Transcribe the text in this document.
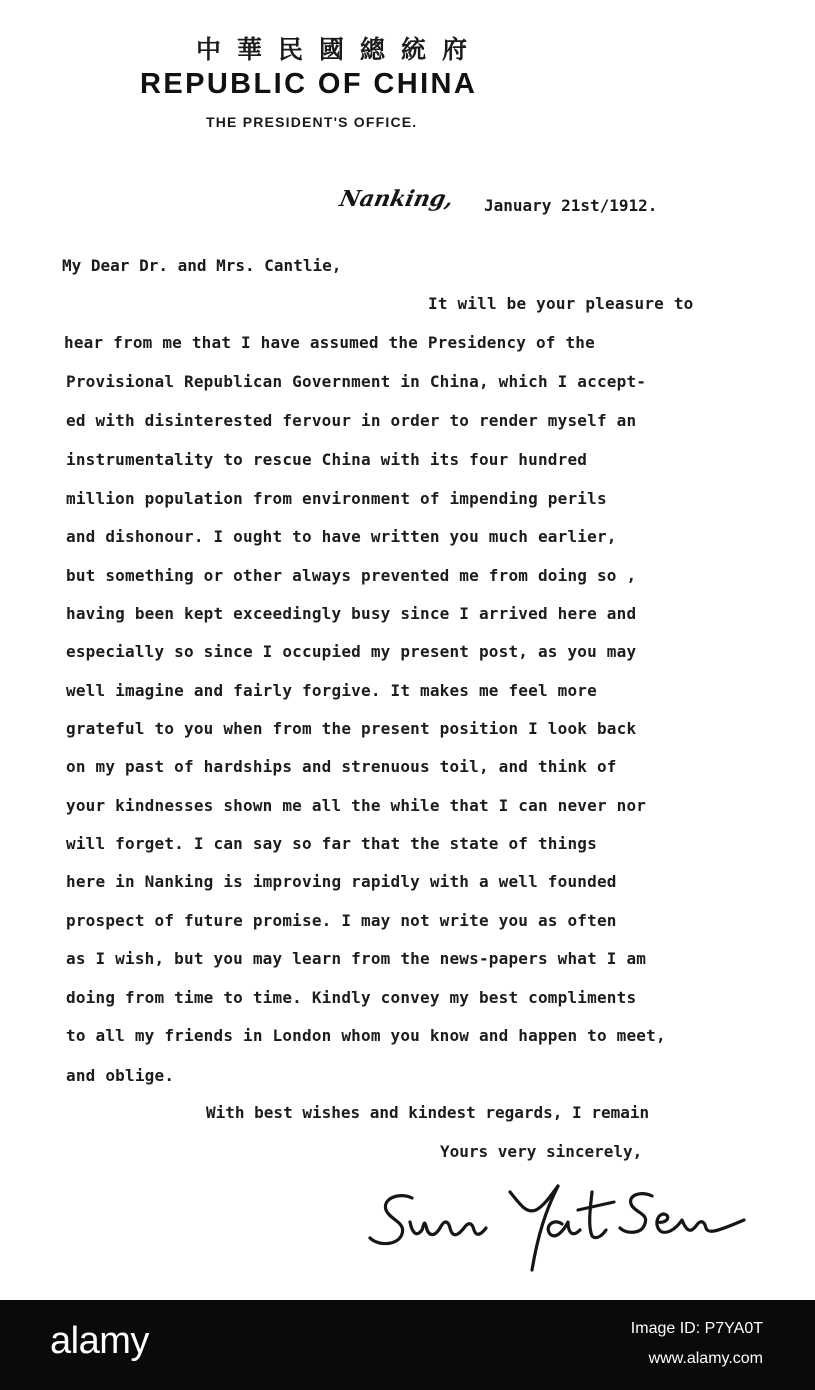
中華民國總統府
REPUBLIC OF CHINA
THE PRESIDENT'S OFFICE.
Nanking, January 21st/1912.
My Dear Dr. and Mrs. Cantlie,
It will be your pleasure to
hear from me that I have assumed the Presidency of the
Provisional Republican Government in China, which I accept-
ed with disinterested fervour in order to render myself an
instrumentality to rescue China with its four hundred
million population from environment of impending perils
and dishonour. I ought to have written you much earlier,
but something or other always prevented me from doing so ,
having been kept exceedingly busy since I arrived here and
especially so since I occupied my present post, as you may
well imagine and fairly forgive. It makes me feel more
grateful to you when from the present position I look back
on my past of hardships and strenuous toil, and think of
your kindnesses shown me all the while that I can never nor
will forget. I can say so far that the state of things
here in Nanking is improving rapidly with a well founded
prospect of future promise. I may not write you as often
as I wish, but you may learn from the news-papers what I am
doing from time to time. Kindly convey my best compliments
to all my friends in London whom you know and happen to meet,
and oblige.
With best wishes and kindest regards, I remain
Yours very sincerely,
alamy	Image ID: P7YA0T
www.alamy.com
